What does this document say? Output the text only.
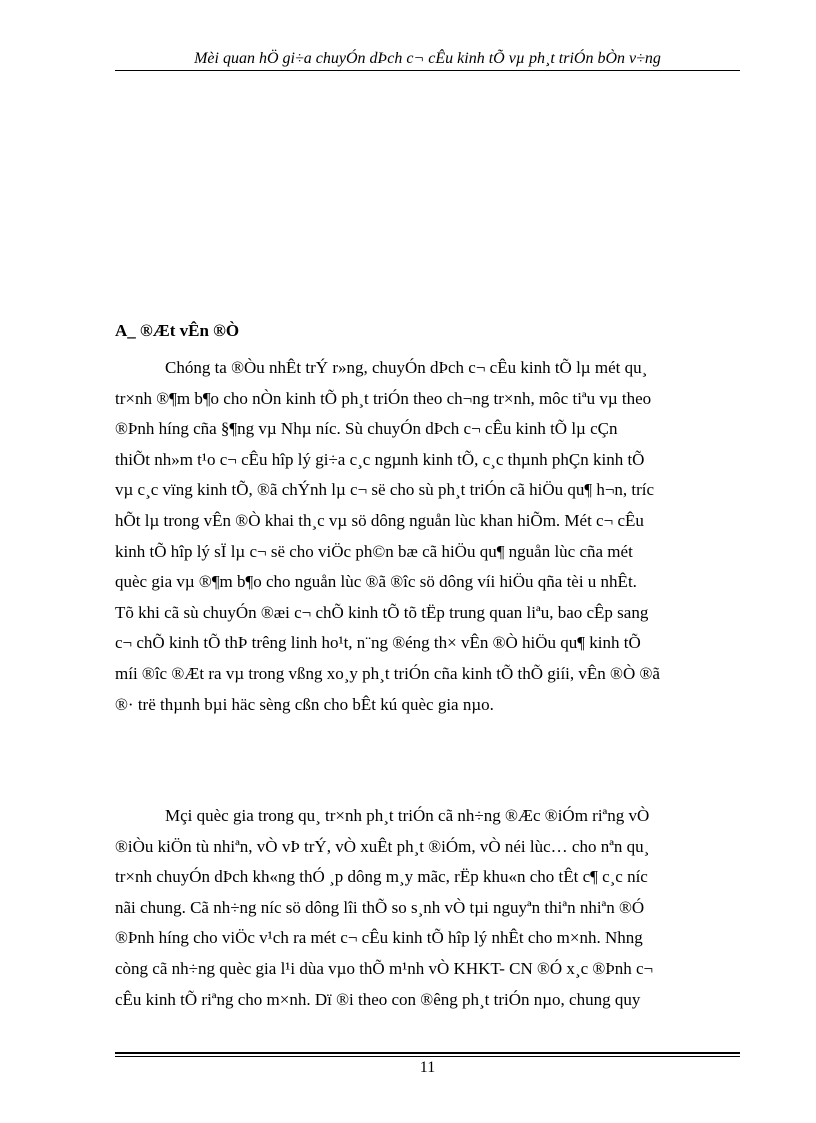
Mèi quan hÖ gi÷a chuyÓn dÞch c¬ cÊu kinh tÕ vµ ph¸t triÓn bÒn v÷ng
A_ ®Æt vÊn ®Ò
Chóng ta ®Òu nhÊt trÝ r»ng, chuyÓn dÞch c¬ cÊu kinh tÕ lµ mét qu¸
tr×nh ®¶m b¶o cho nÒn kinh tÕ ph¸t triÓn theo ch¬ng tr×nh, môc tiªu vµ theo
®Þnh híng cña §¶ng vµ Nhµ níc. Sù chuyÓn dÞch c¬ cÊu kinh tÕ lµ cÇn
thiÕt nh»m t¹o c¬ cÊu hîp lý gi÷a c¸c ngµnh kinh tÕ, c¸c thµnh phÇn kinh tÕ
vµ c¸c vïng kinh tÕ, ®ã chÝnh lµ c¬ së cho sù ph¸t triÓn cã hiÖu qu¶ h¬n, tríc
hÕt lµ trong vÊn ®Ò khai th¸c vµ sö dông nguån lùc khan hiÕm. Mét c¬ cÊu
kinh tÕ hîp lý sÏ lµ c¬ së cho viÖc ph©n bæ cã hiÖu qu¶ nguån lùc cña mét
quèc gia vµ ®¶m b¶o cho nguån lùc ®ã ®îc sö dông víi hiÖu qña tèi u nhÊt.
Tõ khi cã sù chuyÓn ®æi c¬ chÕ kinh tÕ tõ tËp trung quan liªu, bao cÊp sang
c¬ chÕ kinh tÕ thÞ trêng linh ho¹t, n¨ng ®éng th× vÊn ®Ò hiÖu qu¶ kinh tÕ
míi ®îc ®Æt ra vµ trong vßng xo¸y ph¸t triÓn cña kinh tÕ thÕ giíi, vÊn ®Ò ®ã
®· trë thµnh bµi häc sèng cßn cho bÊt kú quèc gia nµo.
Mçi quèc gia trong qu¸ tr×nh ph¸t triÓn cã nh÷ng ®Æc ®iÓm riªng vÒ
®iÒu kiÖn tù nhiªn, vÒ vÞ trÝ, vÒ xuÊt ph¸t ®iÓm, vÒ néi lùc… cho nªn qu¸
tr×nh chuyÓn dÞch kh«ng thÓ ¸p dông m¸y mãc, rËp khu«n cho tÊt c¶ c¸c níc
nãi chung. Cã nh÷ng níc sö dông lîi thÕ so s¸nh vÒ tµi nguyªn thiªn nhiªn ®Ó
®Þnh híng cho viÖc v¹ch ra mét c¬ cÊu kinh tÕ hîp lý nhÊt cho m×nh. Nhng
còng cã nh÷ng quèc gia l¹i dùa vµo thÕ m¹nh vÒ KHKT- CN ®Ó x¸c ®Þnh c¬
cÊu kinh tÕ riªng cho m×nh. Dï ®i theo con ®êng ph¸t triÓn nµo, chung quy
11
